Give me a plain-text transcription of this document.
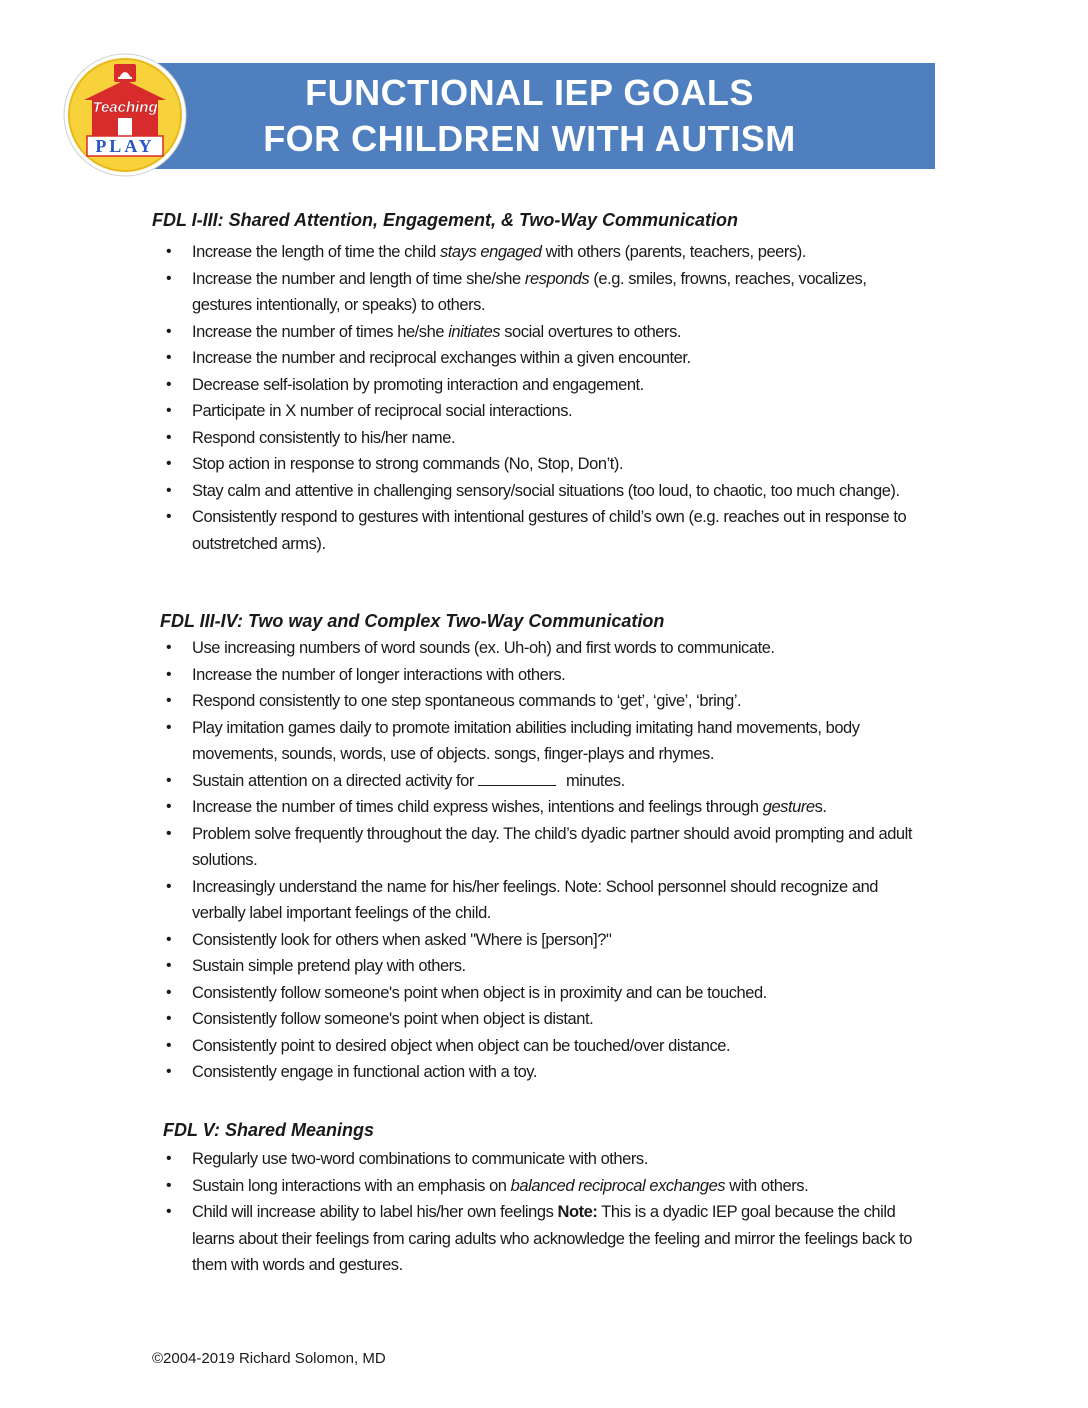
FUNCTIONAL IEP GOALS
FOR CHILDREN WITH AUTISM
Teaching
PLAY
FDL I-III: Shared Attention, Engagement, & Two-Way Communication
• Increase the length of time the child stays engaged with others (parents, teachers, peers).
• Increase the number and length of time she/she responds (e.g. smiles, frowns, reaches, vocalizes, gestures intentionally, or speaks) to others.
• Increase the number of times he/she initiates social overtures to others.
• Increase the number and reciprocal exchanges within a given encounter.
• Decrease self-isolation by promoting interaction and engagement.
• Participate in X number of reciprocal social interactions.
• Respond consistently to his/her name.
• Stop action in response to strong commands (No, Stop, Don’t).
• Stay calm and attentive in challenging sensory/social situations (too loud, to chaotic, too much change).
• Consistently respond to gestures with intentional gestures of child’s own (e.g. reaches out in response to outstretched arms).
FDL III-IV: Two way and Complex Two-Way Communication
• Use increasing numbers of word sounds (ex. Uh-oh) and first words to communicate.
• Increase the number of longer interactions with others.
• Respond consistently to one step spontaneous commands to ‘get’, ‘give’, ‘bring’.
• Play imitation games daily to promote imitation abilities including imitating hand movements, body movements, sounds, words, use of objects. songs, finger-plays and rhymes.
• Sustain attention on a directed activity for	minutes.
• Increase the number of times child express wishes, intentions and feelings through gestures.
• Problem solve frequently throughout the day. The child’s dyadic partner should avoid prompting and adult solutions.
• Increasingly understand the name for his/her feelings. Note: School personnel should recognize and verbally label important feelings of the child.
• Consistently look for others when asked "Where is [person]?"
• Sustain simple pretend play with others.
• Consistently follow someone's point when object is in proximity and can be touched.
• Consistently follow someone's point when object is distant.
• Consistently point to desired object when object can be touched/over distance.
• Consistently engage in functional action with a toy.
FDL V: Shared Meanings
• Regularly use two-word combinations to communicate with others.
• Sustain long interactions with an emphasis on balanced reciprocal exchanges with others.
• Child will increase ability to label his/her own feelings Note: This is a dyadic IEP goal because the child learns about their feelings from caring adults who acknowledge the feeling and mirror the feelings back to them with words and gestures.
©2004-2019 Richard Solomon, MD
